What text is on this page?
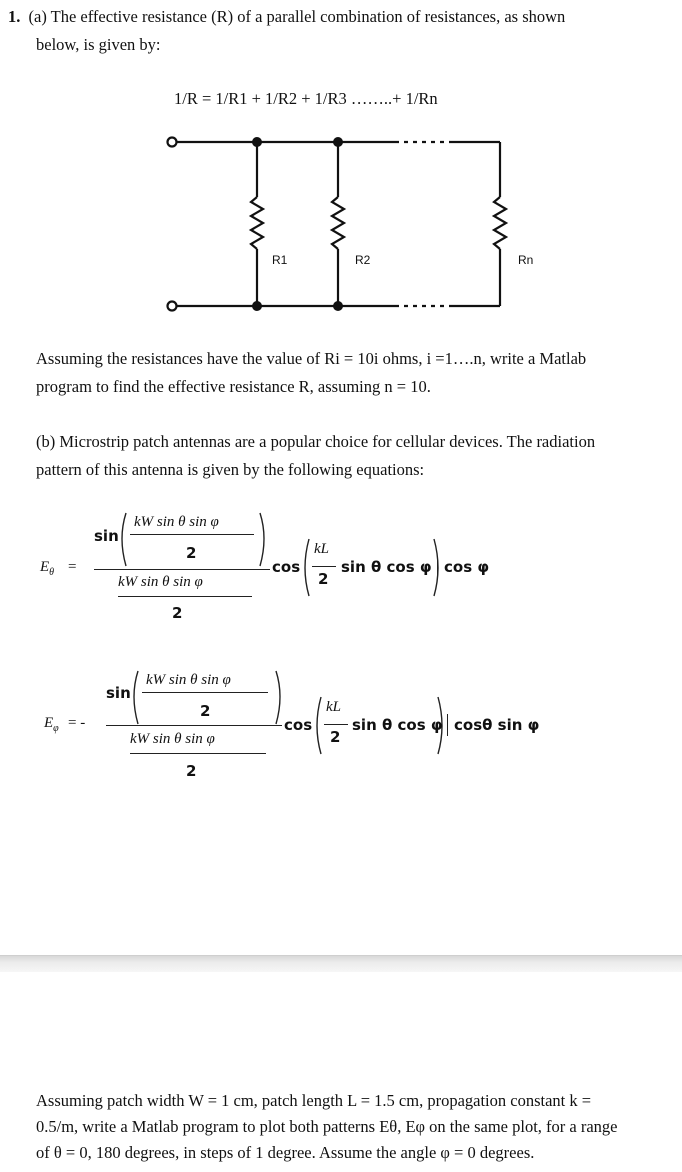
1. (a) The effective resistance (R) of a parallel combination of resistances, as shown
below, is given by:
1/R = 1/R1 + 1/R2 + 1/R3 ……..+ 1/Rn
R1	R2	Rn
Assuming the resistances have the value of Ri = 10i ohms, i =1….n, write a Matlab
program to find the effective resistance R, assuming n = 10.
(b) Microstrip patch antennas are a popular choice for cellular devices. The radiation
pattern of this antenna is given by the following equations:
$E_\theta$ =
sin
kW sin θ sin φ
2
kW sin θ sin φ
2
cos
kL
2
sin θ cos φ cos φ
$E_\varphi$ = -
sin
kW sin θ sin φ
2
kW sin θ sin φ
2
cos
kL
2
sin θ cos φ cosθ sin φ
Assuming patch width W = 1 cm, patch length L = 1.5 cm, propagation constant k =
0.5/m, write a Matlab program to plot both patterns Eθ, Eφ on the same plot, for a range
of θ = 0, 180 degrees, in steps of 1 degree. Assume the angle φ = 0 degrees.
